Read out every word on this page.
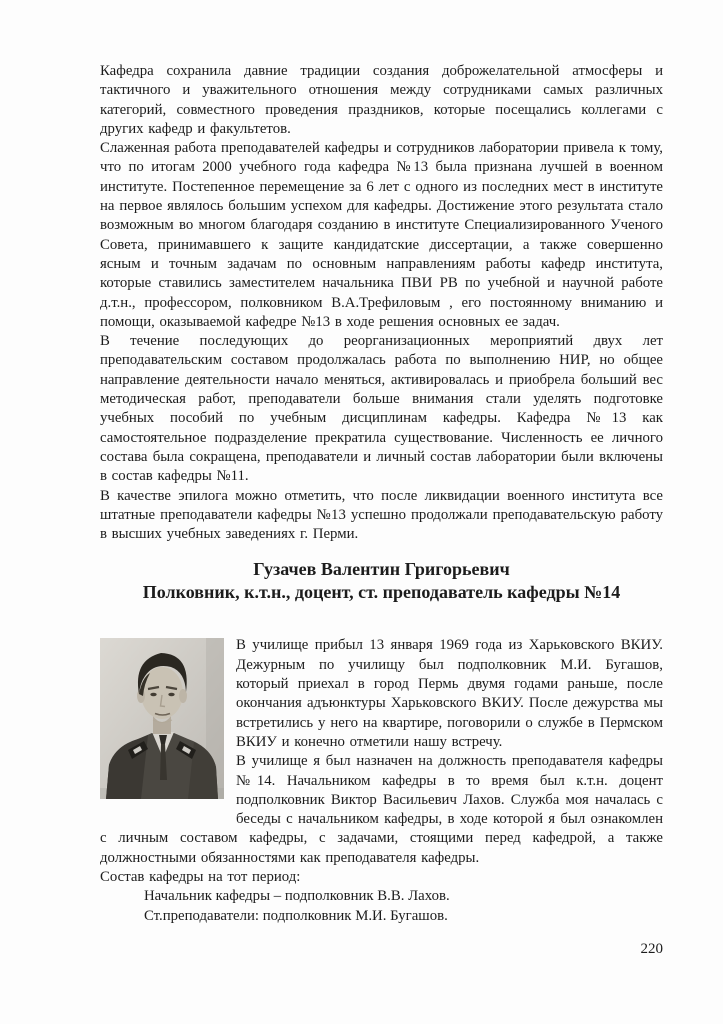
Кафедра сохранила давние традиции создания доброжелательной атмосферы и тактичного и уважительного отношения между сотрудниками самых различных категорий, совместного проведения праздников, которые посещались коллегами с других кафедр и факультетов.

Слаженная работа преподавателей кафедры и сотрудников лаборатории привела к тому, что по итогам 2000 учебного года кафедра №13 была признана лучшей в военном институте. Постепенное перемещение за 6 лет с одного из последних мест в институте на первое являлось большим успехом для кафедры. Достижение этого результата стало возможным во многом благодаря созданию в институте Специализированного Ученого Совета, принимавшего к защите кандидатские диссертации, а также совершенно ясным и точным задачам по основным направлениям работы кафедр института, которые ставились заместителем начальника ПВИ РВ по учебной и научной работе д.т.н., профессором, полковником В.А.Трефиловым , его постоянному вниманию и помощи, оказываемой кафедре №13 в ходе решения основных ее задач.

В течение последующих до реорганизационных мероприятий двух лет преподавательским составом продолжалась работа по выполнению НИР, но общее направление деятельности начало меняться, активировалась и приобрела больший вес методическая работ, преподаватели больше внимания стали уделять подготовке учебных пособий по учебным дисциплинам кафедры. Кафедра №13 как самостоятельное подразделение прекратила существование. Численность ее личного состава была сокращена, преподаватели и личный состав лаборатории были включены в состав кафедры №11.

В качестве эпилога можно отметить, что после ликвидации военного института все штатные преподаватели кафедры №13 успешно продолжали преподавательскую работу в высших учебных заведениях г. Перми.

Гузачев Валентин Григорьевич

Полковник, к.т.н., доцент, ст. преподаватель кафедры №14

В училище прибыл 13 января 1969 года из Харьковского ВКИУ. Дежурным по училищу был подполковник М.И. Бугашов, который приехал в город Пермь двумя годами раньше, после окончания адъюнктуры Харьковского ВКИУ. После дежурства мы встретились у него на квартире, поговорили о службе в Пермском ВКИУ и конечно отметили нашу встречу.

В училище я был назначен на должность преподавателя кафедры №14. Начальником кафедры в то время был к.т.н. доцент подполковник Виктор Васильевич Лахов. Служба моя началась с беседы с начальником кафедры, в ходе которой я был ознакомлен с личным составом кафедры, с задачами, стоящими перед кафедрой, а также должностными обязанностями как преподавателя кафедры.

Состав кафедры на тот период:

Начальник кафедры – подполковник В.В. Лахов.

Ст.преподаватели: подполковник М.И. Бугашов.

220
